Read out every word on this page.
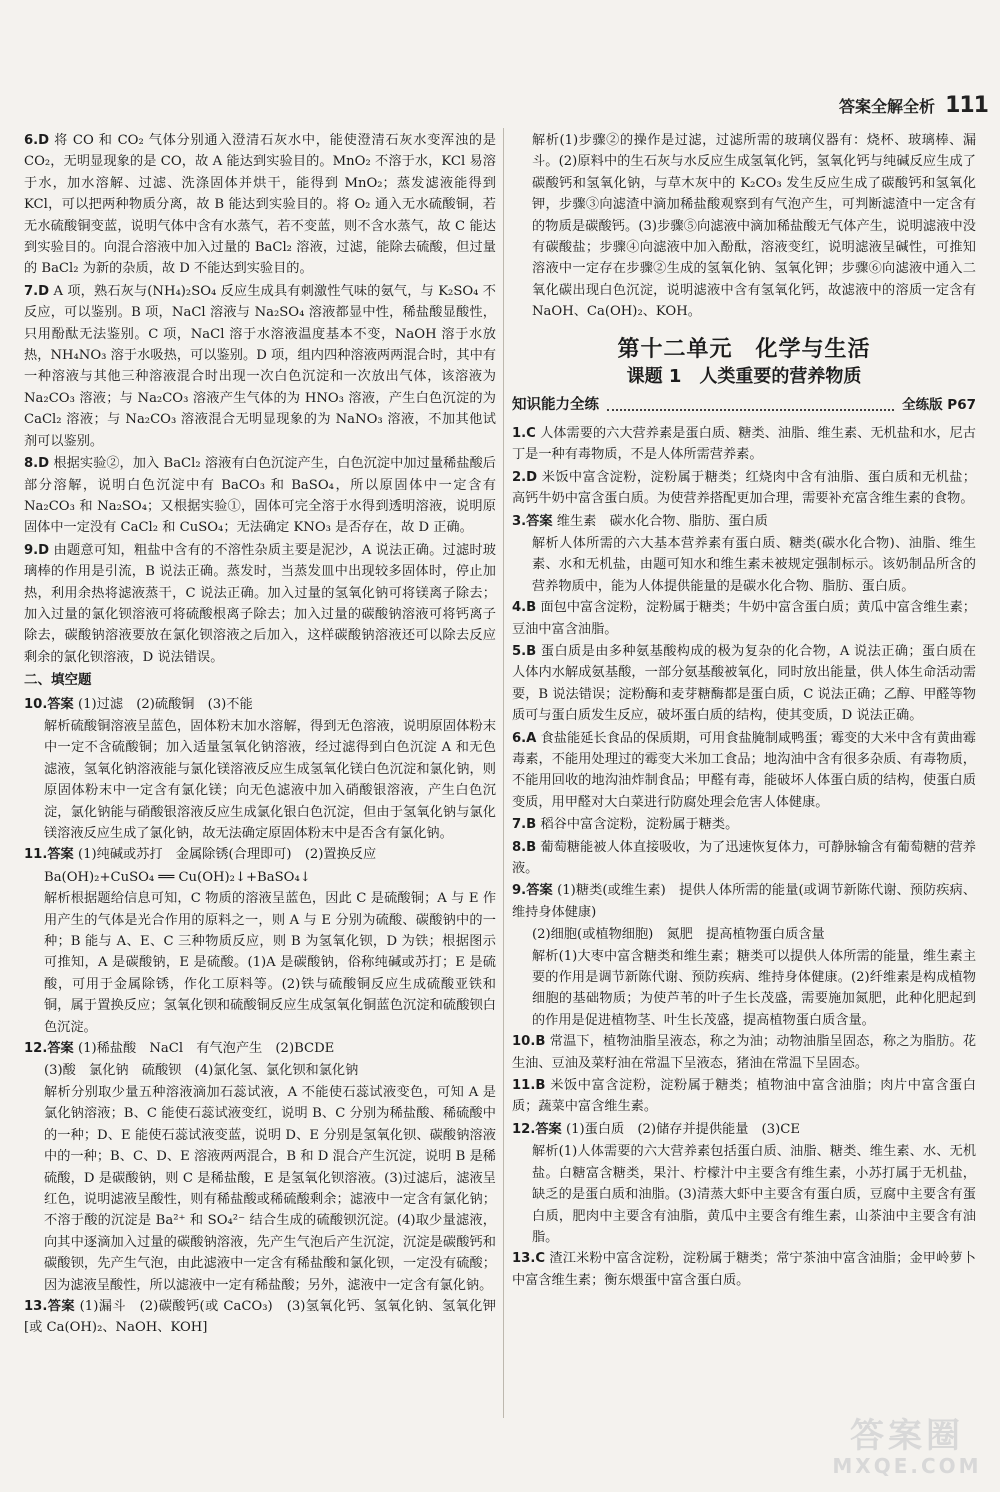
答案全解全析 111
6.D 将 CO 和 CO₂ 气体分别通入澄清石灰水中，能使澄清石灰水变浑浊的是 CO₂，无明显现象的是 CO，故 A 能达到实验目的。MnO₂ 不溶于水，KCl 易溶于水，加水溶解、过滤、洗涤固体并烘干，能得到 MnO₂；蒸发滤液能得到 KCl，可以把两种物质分离，故 B 能达到实验目的。将 O₂ 通入无水硫酸铜，若无水硫酸铜变蓝，说明气体中含有水蒸气，若不变蓝，则不含水蒸气，故 C 能达到实验目的。向混合溶液中加入过量的 BaCl₂ 溶液，过滤，能除去硫酸，但过量的 BaCl₂ 为新的杂质，故 D 不能达到实验目的。
7.D A 项，熟石灰与(NH₄)₂SO₄ 反应生成具有刺激性气味的氨气，与 K₂SO₄ 不反应，可以鉴别。B 项，NaCl 溶液与 Na₂SO₄ 溶液都显中性，稀盐酸显酸性，只用酚酞无法鉴别。C 项，NaCl 溶于水溶液温度基本不变，NaOH 溶于水放热，NH₄NO₃ 溶于水吸热，可以鉴别。D 项，组内四种溶液两两混合时，其中有一种溶液与其他三种溶液混合时出现一次白色沉淀和一次放出气体，该溶液为 Na₂CO₃ 溶液；与 Na₂CO₃ 溶液产生气体的为 HNO₃ 溶液，产生白色沉淀的为 CaCl₂ 溶液；与 Na₂CO₃ 溶液混合无明显现象的为 NaNO₃ 溶液，不加其他试剂可以鉴别。
8.D 根据实验②，加入 BaCl₂ 溶液有白色沉淀产生，白色沉淀中加过量稀盐酸后部分溶解，说明白色沉淀中有 BaCO₃ 和 BaSO₄，所以原固体中一定含有 Na₂CO₃ 和 Na₂SO₄；又根据实验①，固体可完全溶于水得到透明溶液，说明原固体中一定没有 CaCl₂ 和 CuSO₄；无法确定 KNO₃ 是否存在，故 D 正确。
9.D 由题意可知，粗盐中含有的不溶性杂质主要是泥沙，A 说法正确。过滤时玻璃棒的作用是引流，B 说法正确。蒸发时，当蒸发皿中出现较多固体时，停止加热，利用余热将滤液蒸干，C 说法正确。加入过量的氢氧化钠可将镁离子除去；加入过量的氯化钡溶液可将硫酸根离子除去；加入过量的碳酸钠溶液可将钙离子除去，碳酸钠溶液要放在氯化钡溶液之后加入，这样碳酸钠溶液还可以除去反应剩余的氯化钡溶液，D 说法错误。
二、填空题
10.答案 (1)过滤　(2)硫酸铜　(3)不能
解析硫酸铜溶液呈蓝色，固体粉末加水溶解，得到无色溶液，说明原固体粉末中一定不含硫酸铜；加入适量氢氧化钠溶液，经过滤得到白色沉淀 A 和无色滤液，氢氧化钠溶液能与氯化镁溶液反应生成氢氧化镁白色沉淀和氯化钠，则原固体粉末中一定含有氯化镁；向无色滤液中加入硝酸银溶液，产生白色沉淀，氯化钠能与硝酸银溶液反应生成氯化银白色沉淀，但由于氢氧化钠与氯化镁溶液反应生成了氯化钠，故无法确定原固体粉末中是否含有氯化钠。
11.答案 (1)纯碱或苏打　金属除锈(合理即可)　(2)置换反应
Ba(OH)₂+CuSO₄ ══ Cu(OH)₂↓+BaSO₄↓
解析根据题给信息可知，C 物质的溶液呈蓝色，因此 C 是硫酸铜；A 与 E 作用产生的气体是光合作用的原料之一，则 A 与 E 分别为硫酸、碳酸钠中的一种；B 能与 A、E、C 三种物质反应，则 B 为氢氧化钡，D 为铁；根据图示可推知，A 是碳酸钠，E 是硫酸。(1)A 是碳酸钠，俗称纯碱或苏打；E 是硫酸，可用于金属除锈，作化工原料等。(2)铁与硫酸铜反应生成硫酸亚铁和铜，属于置换反应；氢氧化钡和硫酸铜反应生成氢氧化铜蓝色沉淀和硫酸钡白色沉淀。
12.答案 (1)稀盐酸　NaCl　有气泡产生　(2)BCDE
(3)酸　氯化钠　硫酸钡　(4)氯化氢、氯化钡和氯化钠
解析分别取少量五种溶液滴加石蕊试液，A 不能使石蕊试液变色，可知 A 是氯化钠溶液；B、C 能使石蕊试液变红，说明 B、C 分别为稀盐酸、稀硫酸中的一种；D、E 能使石蕊试液变蓝，说明 D、E 分别是氢氧化钡、碳酸钠溶液中的一种；B、C、D、E 溶液两两混合，B 和 D 混合产生沉淀，说明 B 是稀硫酸，D 是碳酸钠，则 C 是稀盐酸，E 是氢氧化钡溶液。(3)过滤后，滤液呈红色，说明滤液呈酸性，则有稀盐酸或稀硫酸剩余；滤液中一定含有氯化钠；不溶于酸的沉淀是 Ba²⁺ 和 SO₄²⁻ 结合生成的硫酸钡沉淀。(4)取少量滤液，向其中逐滴加入过量的碳酸钠溶液，先产生气泡后产生沉淀，沉淀是碳酸钙和碳酸钡，先产生气泡，由此滤液中一定含有稀盐酸和氯化钡，一定没有硫酸；因为滤液呈酸性，所以滤液中一定有稀盐酸；另外，滤液中一定含有氯化钠。
13.答案 (1)漏斗　(2)碳酸钙(或 CaCO₃)　(3)氢氧化钙、氢氧化钠、氢氧化钾[或 Ca(OH)₂、NaOH、KOH]
解析(1)步骤②的操作是过滤，过滤所需的玻璃仪器有：烧杯、玻璃棒、漏斗。(2)原料中的生石灰与水反应生成氢氧化钙，氢氧化钙与纯碱反应生成了碳酸钙和氢氧化钠，与草木灰中的 K₂CO₃ 发生反应生成了碳酸钙和氢氧化钾，步骤③向滤渣中滴加稀盐酸观察到有气泡产生，可判断滤渣中一定含有的物质是碳酸钙。(3)步骤⑤向滤液中滴加稀盐酸无气体产生，说明滤液中没有碳酸盐；步骤④向滤液中加入酚酞，溶液变红，说明滤液呈碱性，可推知溶液中一定存在步骤②生成的氢氧化钠、氢氧化钾；步骤⑥向滤液中通入二氧化碳出现白色沉淀，说明滤液中含有氢氧化钙，故滤液中的溶质一定含有 NaOH、Ca(OH)₂、KOH。
第十二单元　化学与生活
课题 1　人类重要的营养物质
知识能力全练	全练版 P67
1.C 人体需要的六大营养素是蛋白质、糖类、油脂、维生素、无机盐和水，尼古丁是一种有毒物质，不是人体所需营养素。
2.D 米饭中富含淀粉，淀粉属于糖类；红烧肉中含有油脂、蛋白质和无机盐；高钙牛奶中富含蛋白质。为使营养搭配更加合理，需要补充富含维生素的食物。
3.答案 维生素　碳水化合物、脂肪、蛋白质
解析人体所需的六大基本营养素有蛋白质、糖类(碳水化合物)、油脂、维生素、水和无机盐，由题可知水和维生素未被规定强制标示。该奶制品所含的营养物质中，能为人体提供能量的是碳水化合物、脂肪、蛋白质。
4.B 面包中富含淀粉，淀粉属于糖类；牛奶中富含蛋白质；黄瓜中富含维生素；豆油中富含油脂。
5.B 蛋白质是由多种氨基酸构成的极为复杂的化合物，A 说法正确；蛋白质在人体内水解成氨基酸，一部分氨基酸被氧化，同时放出能量，供人体生命活动需要，B 说法错误；淀粉酶和麦芽糖酶都是蛋白质，C 说法正确；乙醇、甲醛等物质可与蛋白质发生反应，破坏蛋白质的结构，使其变质，D 说法正确。
6.A 食盐能延长食品的保质期，可用食盐腌制咸鸭蛋；霉变的大米中含有黄曲霉毒素，不能用处理过的霉变大米加工食品；地沟油中含有很多杂质、有毒物质，不能用回收的地沟油炸制食品；甲醛有毒，能破坏人体蛋白质的结构，使蛋白质变质，用甲醛对大白菜进行防腐处理会危害人体健康。
7.B 稻谷中富含淀粉，淀粉属于糖类。
8.B 葡萄糖能被人体直接吸收，为了迅速恢复体力，可静脉输含有葡萄糖的营养液。
9.答案 (1)糖类(或维生素)　提供人体所需的能量(或调节新陈代谢、预防疾病、维持身体健康)
(2)细胞(或植物细胞)　氮肥　提高植物蛋白质含量
解析(1)大枣中富含糖类和维生素；糖类可以提供人体所需的能量，维生素主要的作用是调节新陈代谢、预防疾病、维持身体健康。(2)纤维素是构成植物细胞的基础物质；为使芦苇的叶子生长茂盛，需要施加氮肥，此种化肥起到的作用是促进植物茎、叶生长茂盛，提高植物蛋白质含量。
10.B 常温下，植物油脂呈液态，称之为油；动物油脂呈固态，称之为脂肪。花生油、豆油及菜籽油在常温下呈液态，猪油在常温下呈固态。
11.B 米饭中富含淀粉，淀粉属于糖类；植物油中富含油脂；肉片中富含蛋白质；蔬菜中富含维生素。
12.答案 (1)蛋白质　(2)储存并提供能量　(3)CE
解析(1)人体需要的六大营养素包括蛋白质、油脂、糖类、维生素、水、无机盐。白糖富含糖类，果汁、柠檬汁中主要含有维生素，小苏打属于无机盐，缺乏的是蛋白质和油脂。(3)清蒸大虾中主要含有蛋白质，豆腐中主要含有蛋白质，肥肉中主要含有油脂，黄瓜中主要含有维生素，山茶油中主要含有油脂。
13.C 渣江米粉中富含淀粉，淀粉属于糖类；常宁茶油中富含油脂；金甲岭萝卜中富含维生素；衡东煨蛋中富含蛋白质。
答案圈
MXQE.COM
